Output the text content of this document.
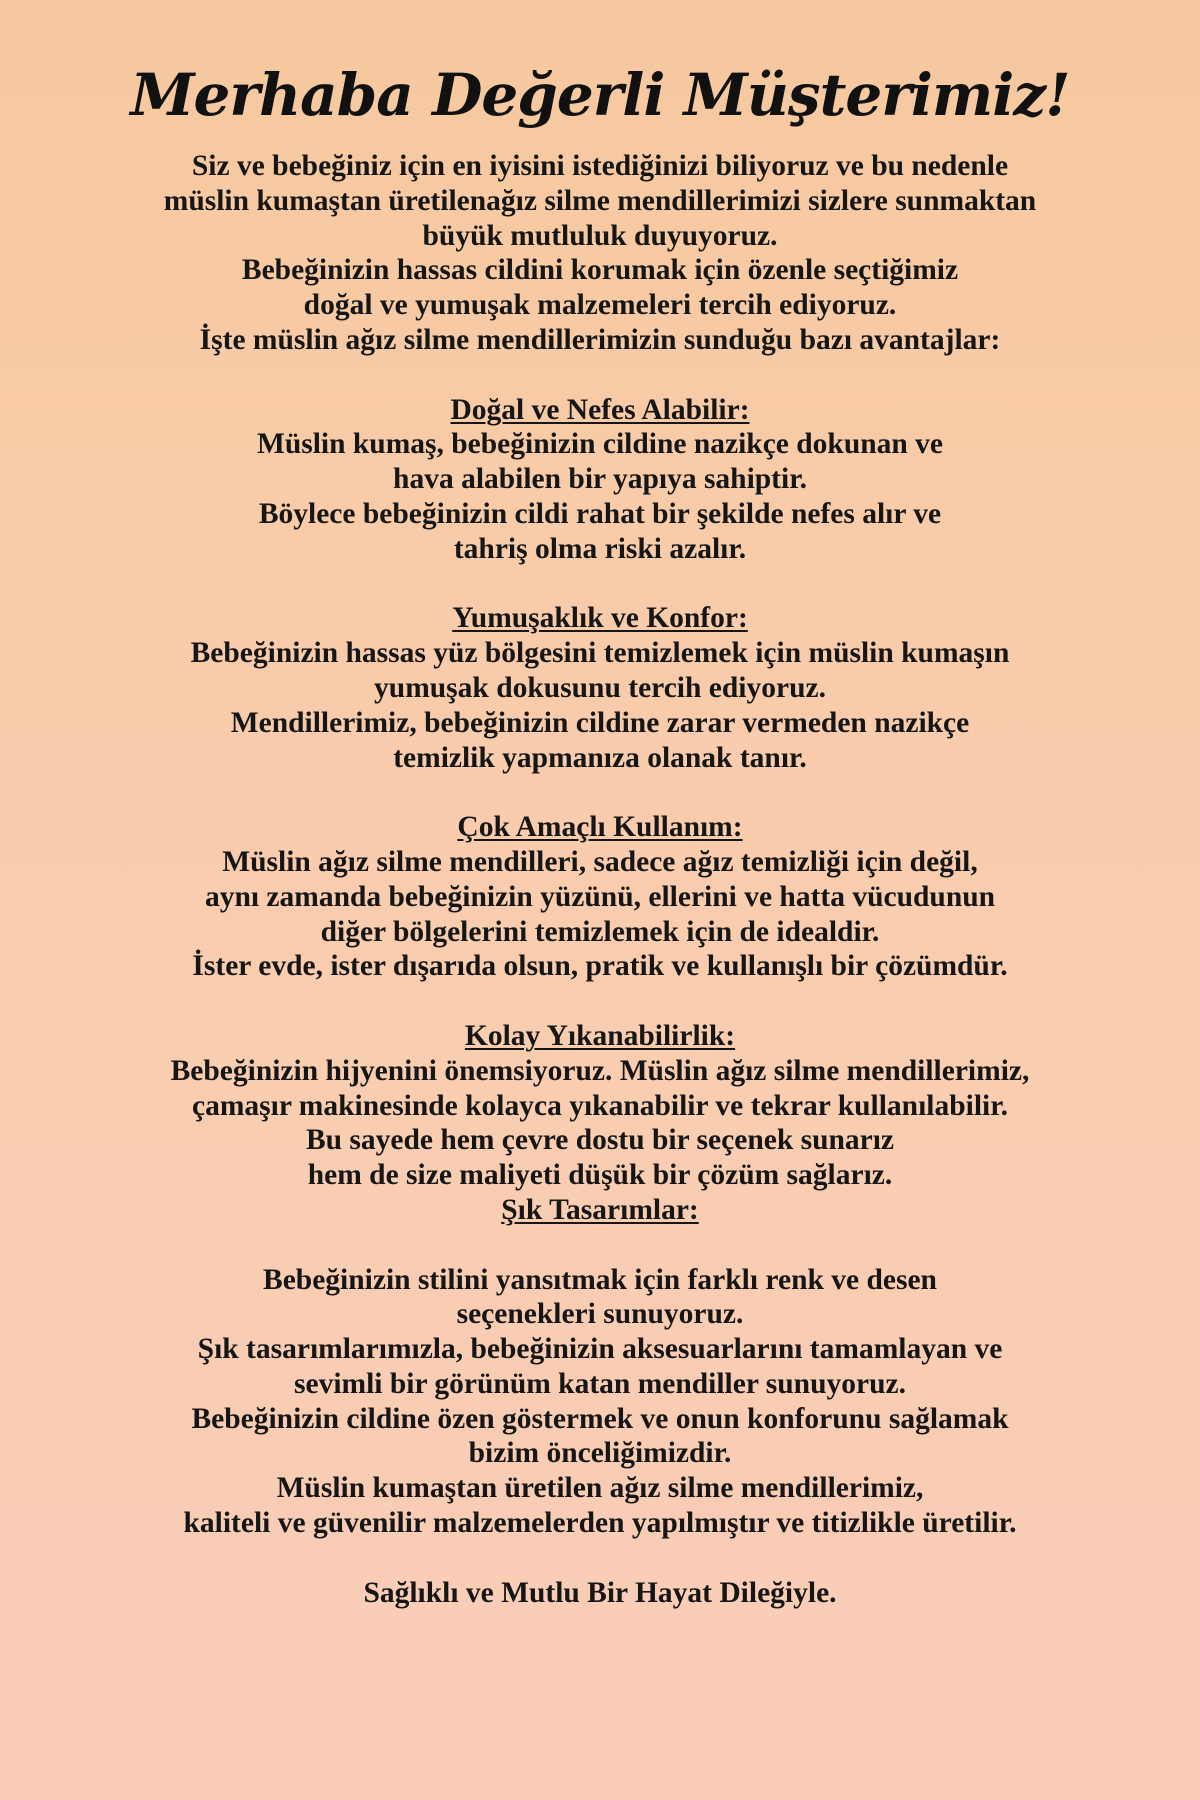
Merhaba Değerli Müşterimiz!
Siz ve bebeğiniz için en iyisini istediğinizi biliyoruz ve bu nedenle
müslin kumaştan üretilenağız silme mendillerimizi sizlere sunmaktan
büyük mutluluk duyuyoruz.
Bebeğinizin hassas cildini korumak için özenle seçtiğimiz
doğal ve yumuşak malzemeleri tercih ediyoruz.
İşte müslin ağız silme mendillerimizin sunduğu bazı avantajlar:
Doğal ve Nefes Alabilir:
Müslin kumaş, bebeğinizin cildine nazikçe dokunan ve
hava alabilen bir yapıya sahiptir.
Böylece bebeğinizin cildi rahat bir şekilde nefes alır ve
tahriş olma riski azalır.
Yumuşaklık ve Konfor:
Bebeğinizin hassas yüz bölgesini temizlemek için müslin kumaşın
yumuşak dokusunu tercih ediyoruz.
Mendillerimiz, bebeğinizin cildine zarar vermeden nazikçe
temizlik yapmanıza olanak tanır.
Çok Amaçlı Kullanım:
Müslin ağız silme mendilleri, sadece ağız temizliği için değil,
aynı zamanda bebeğinizin yüzünü, ellerini ve hatta vücudunun
diğer bölgelerini temizlemek için de idealdir.
İster evde, ister dışarıda olsun, pratik ve kullanışlı bir çözümdür.
Kolay Yıkanabilirlik:
Bebeğinizin hijyenini önemsiyoruz. Müslin ağız silme mendillerimiz,
çamaşır makinesinde kolayca yıkanabilir ve tekrar kullanılabilir.
Bu sayede hem çevre dostu bir seçenek sunarız
hem de size maliyeti düşük bir çözüm sağlarız.
Şık Tasarımlar:
Bebeğinizin stilini yansıtmak için farklı renk ve desen
seçenekleri sunuyoruz.
Şık tasarımlarımızla, bebeğinizin aksesuarlarını tamamlayan ve
sevimli bir görünüm katan mendiller sunuyoruz.
Bebeğinizin cildine özen göstermek ve onun konforunu sağlamak
bizim önceliğimizdir.
Müslin kumaştan üretilen ağız silme mendillerimiz,
kaliteli ve güvenilir malzemelerden yapılmıştır ve titizlikle üretilir.
Sağlıklı ve Mutlu Bir Hayat Dileğiyle.
